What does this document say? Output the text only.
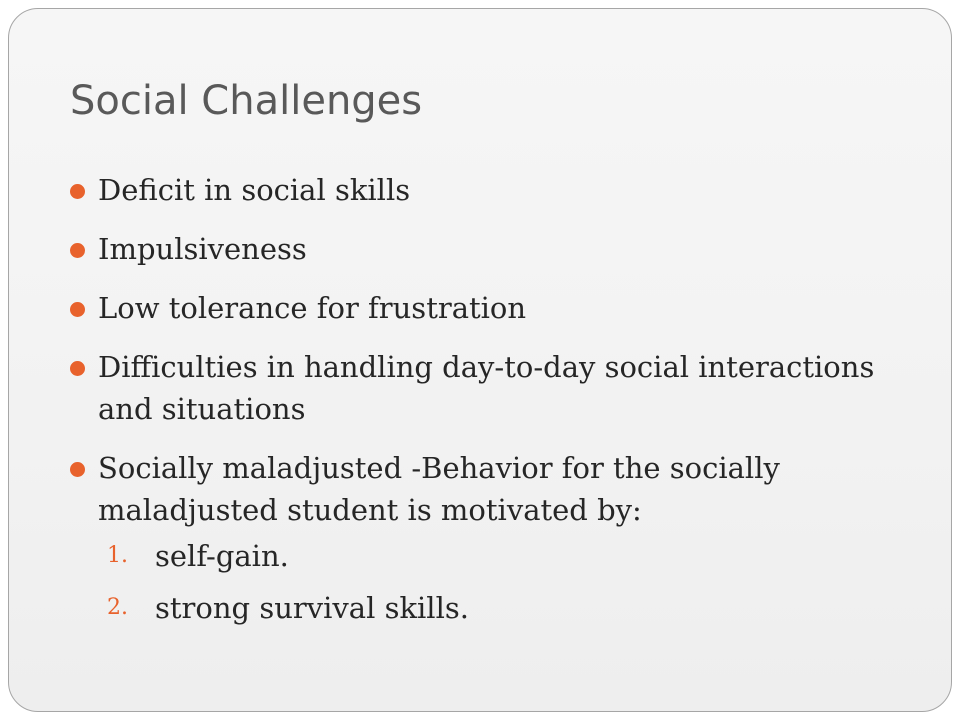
Social Challenges
Deficit in social skills
Impulsiveness
Low tolerance for frustration
Difficulties in handling day-to-day social interactions and situations
Socially maladjusted -Behavior for the socially maladjusted student is motivated by:
1. self-gain.
2. strong survival skills.
